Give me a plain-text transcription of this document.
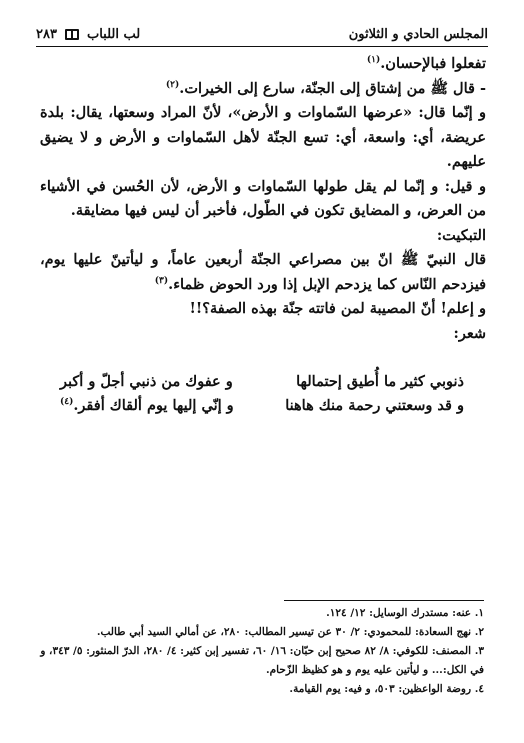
المجلس الحادي و الثلاثون
لب اللباب
٢٨٣

تفعلوا فبالإحسان.$^{(١)}$

- قال ﷺ من إشتاق إلى الجنّة، سارع إلى الخيرات.$^{(٢)}$

و إنّما قال: «عرضها السّماوات و الأرض»، لأنّ المراد وسعتها، يقال: بلدة عريضة، أي: واسعة، أي: تسع الجنّة لأهل السّماوات و الأرض و لا يضيق عليهم.

و قيل: و إنّما لم يقل طولها السّماوات و الأرض، لأن الحُسن في الأشياء من العرض، و المضايق تكون في الطّول، فأخبر أن ليس فيها مضايقة.

التبكيت:

قال النبيّ ﷺ انّ بين مصراعي الجنّة أربعين عاماً، و ليأتينّ عليها يوم، فيزدحم النّاس كما يزدحم الإبل إذا ورد الحوض ظماء.$^{(٣)}$

و إعلم! أنّ المصيبة لمن فاتته جنّة بهذه الصفة؟!!

شعر:

ذنوبي كثير ما أُطيق إحتمالها
و عفوك من ذنبي أجلّ و أكبر
و قد وسعتني رحمة منك هاهنا
و إنّي إليها يوم ألقاك أفقر.$^{(٤)}$

١. عنه: مستدرك الوسايل: ١٢/ ١٢٤.

٢. نهج السعادة: للمحمودي: ٢/ ٣٠ عن تيسير المطالب: ٢٨٠، عن أمالي السيد أبي طالب.

٣. المصنف: للكوفي: ٨/ ٨٢ صحيح إبن حبّان: ١٦/ ٦٠، تفسير إبن كثير: ٤/ ٢٨٠، الدرّ المنثور: ٥/ ٣٤٣، و في الكل:... و ليأتين عليه يوم و هو كظيظ الزّحام.

٤. روضة الواعظين: ٥٠٣، و فيه: يوم القيامة.
